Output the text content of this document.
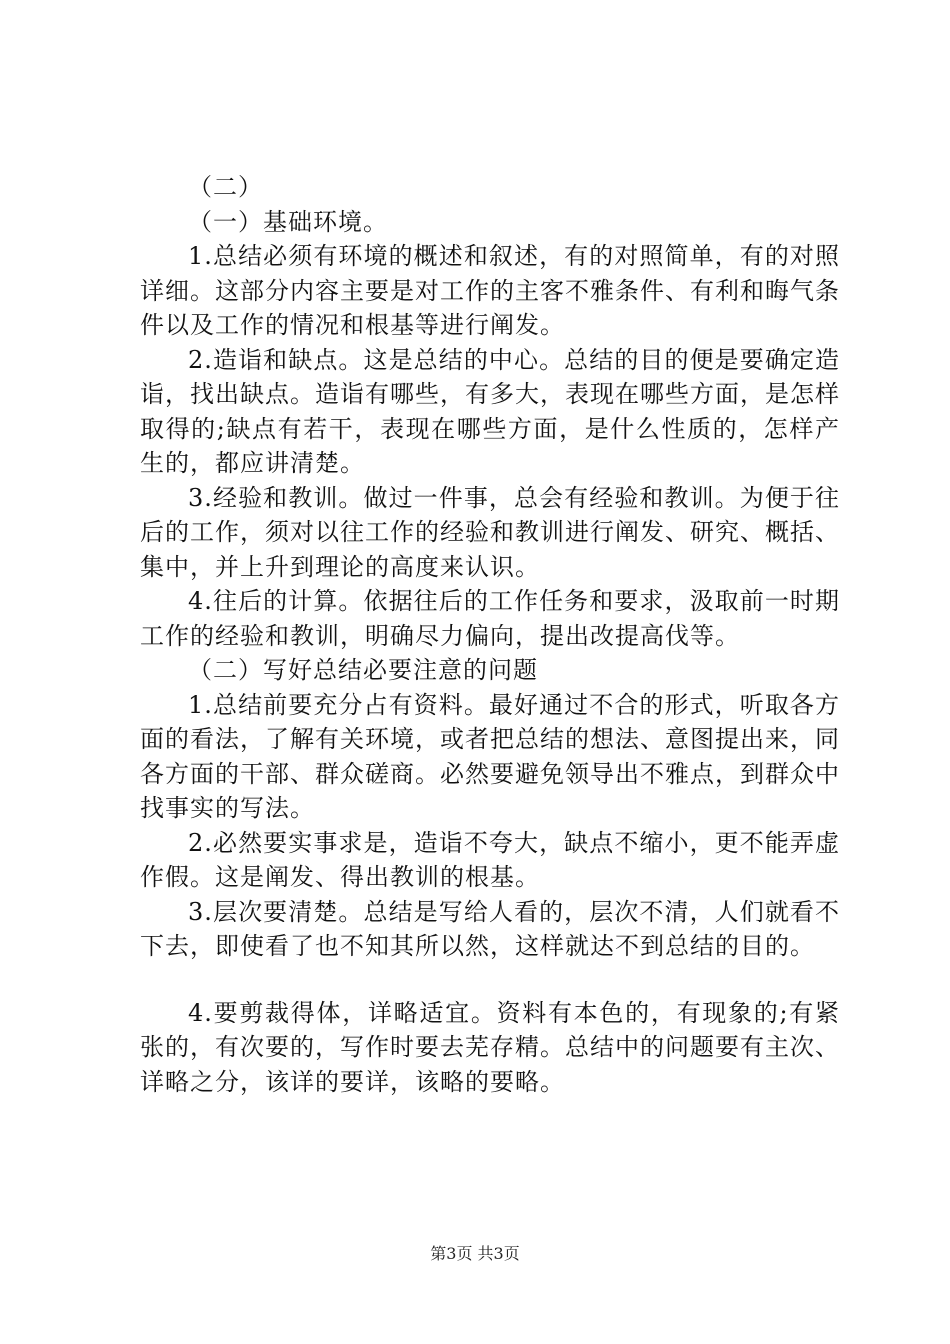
（二）

（一）基础环境。

1.总结必须有环境的概述和叙述，有的对照简单，有的对照详细。这部分内容主要是对工作的主客不雅条件、有利和晦气条件以及工作的情况和根基等进行阐发。

2.造诣和缺点。这是总结的中心。总结的目的便是要确定造诣，找出缺点。造诣有哪些，有多大，表现在哪些方面，是怎样取得的;缺点有若干，表现在哪些方面，是什么性质的，怎样产生的，都应讲清楚。

3.经验和教训。做过一件事，总会有经验和教训。为便于往后的工作，须对以往工作的经验和教训进行阐发、研究、概括、集中，并上升到理论的高度来认识。

4.往后的计算。依据往后的工作任务和要求，汲取前一时期工作的经验和教训，明确尽力偏向，提出改提高伐等。

（二）写好总结必要注意的问题

1.总结前要充分占有资料。最好通过不合的形式，听取各方面的看法，了解有关环境，或者把总结的想法、意图提出来，同各方面的干部、群众磋商。必然要避免领导出不雅点，到群众中找事实的写法。

2.必然要实事求是，造诣不夸大，缺点不缩小，更不能弄虚作假。这是阐发、得出教训的根基。

3.层次要清楚。总结是写给人看的，层次不清，人们就看不下去，即使看了也不知其所以然，这样就达不到总结的目的。

4.要剪裁得体，详略适宜。资料有本色的，有现象的;有紧张的，有次要的，写作时要去芜存精。总结中的问题要有主次、详略之分，该详的要详，该略的要略。

第3页 共3页
